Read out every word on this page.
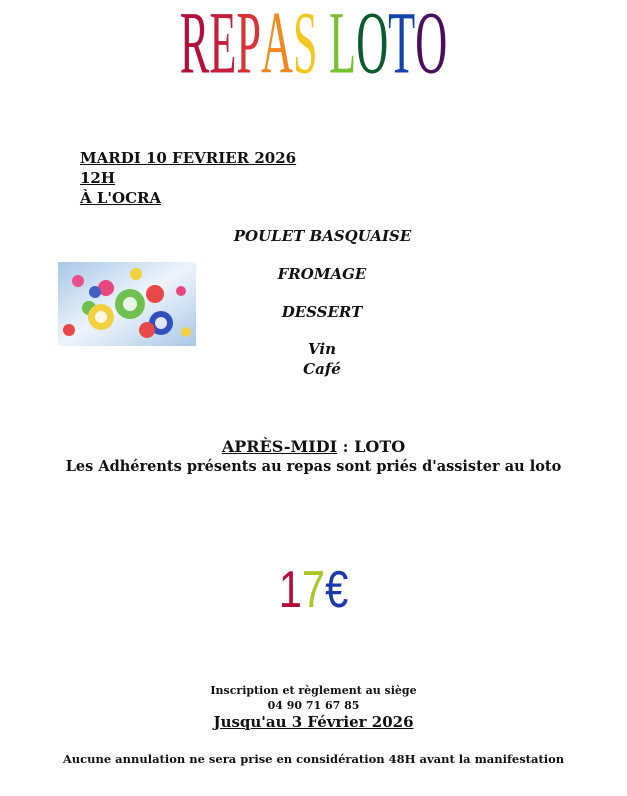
REPAS LOTO
MARDI 10 FEVRIER 2026
12H
À L'OCRA
POULET BASQUAISE
FROMAGE
DESSERT
Vin
Café
APRÈS-MIDI : LOTO
Les Adhérents présents au repas sont priés d'assister au loto
17€
Inscription et règlement au siège
04 90 71 67 85
Jusqu'au 3 Février 2026
Aucune annulation ne sera prise en considération 48H avant la manifestation
